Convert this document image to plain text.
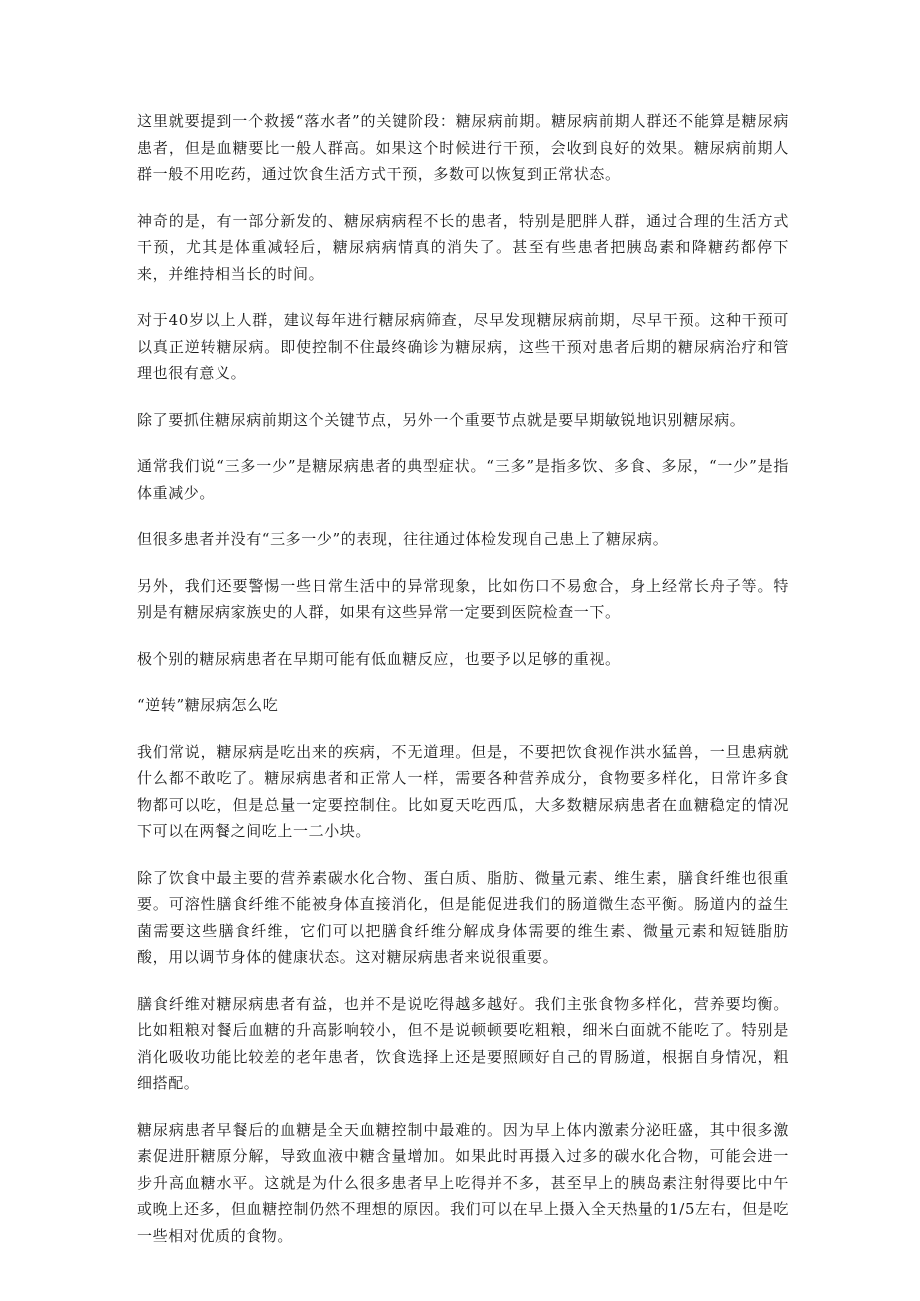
这里就要提到一个救援“落水者”的关键阶段：糖尿病前期。糖尿病前期人群还不能算是糖尿病患者，但是血糖要比一般人群高。如果这个时候进行干预，会收到良好的效果。糖尿病前期人群一般不用吃药，通过饮食生活方式干预，多数可以恢复到正常状态。

神奇的是，有一部分新发的、糖尿病病程不长的患者，特别是肥胖人群，通过合理的生活方式干预，尤其是体重减轻后，糖尿病病情真的消失了。甚至有些患者把胰岛素和降糖药都停下来，并维持相当长的时间。

对于40岁以上人群，建议每年进行糖尿病筛查，尽早发现糖尿病前期，尽早干预。这种干预可以真正逆转糖尿病。即使控制不住最终确诊为糖尿病，这些干预对患者后期的糖尿病治疗和管理也很有意义。

除了要抓住糖尿病前期这个关键节点，另外一个重要节点就是要早期敏锐地识别糖尿病。

通常我们说“三多一少”是糖尿病患者的典型症状。“三多”是指多饮、多食、多尿，“一少”是指体重减少。

但很多患者并没有“三多一少”的表现，往往通过体检发现自己患上了糖尿病。

另外，我们还要警惕一些日常生活中的异常现象，比如伤口不易愈合，身上经常长舟子等。特别是有糖尿病家族史的人群，如果有这些异常一定要到医院检查一下。

极个别的糖尿病患者在早期可能有低血糖反应，也要予以足够的重视。

“逆转”糖尿病怎么吃

我们常说，糖尿病是吃出来的疾病，不无道理。但是，不要把饮食视作洪水猛兽，一旦患病就什么都不敢吃了。糖尿病患者和正常人一样，需要各种营养成分，食物要多样化，日常许多食物都可以吃，但是总量一定要控制住。比如夏天吃西瓜，大多数糖尿病患者在血糖稳定的情况下可以在两餐之间吃上一二小块。

除了饮食中最主要的营养素碳水化合物、蛋白质、脂肪、微量元素、维生素，膳食纤维也很重要。可溶性膳食纤维不能被身体直接消化，但是能促进我们的肠道微生态平衡。肠道内的益生菌需要这些膳食纤维，它们可以把膳食纤维分解成身体需要的维生素、微量元素和短链脂肪酸，用以调节身体的健康状态。这对糖尿病患者来说很重要。

膳食纤维对糖尿病患者有益，也并不是说吃得越多越好。我们主张食物多样化，营养要均衡。比如粗粮对餐后血糖的升高影响较小，但不是说顿顿要吃粗粮，细米白面就不能吃了。特别是消化吸收功能比较差的老年患者，饮食选择上还是要照顾好自己的胃肠道，根据自身情况，粗细搭配。

糖尿病患者早餐后的血糖是全天血糖控制中最难的。因为早上体内激素分泌旺盛，其中很多激素促进肝糖原分解，导致血液中糖含量增加。如果此时再摄入过多的碳水化合物，可能会进一步升高血糖水平。这就是为什么很多患者早上吃得并不多，甚至早上的胰岛素注射得要比中午或晚上还多，但血糖控制仍然不理想的原因。我们可以在早上摄入全天热量的1/5左右，但是吃一些相对优质的食物。
